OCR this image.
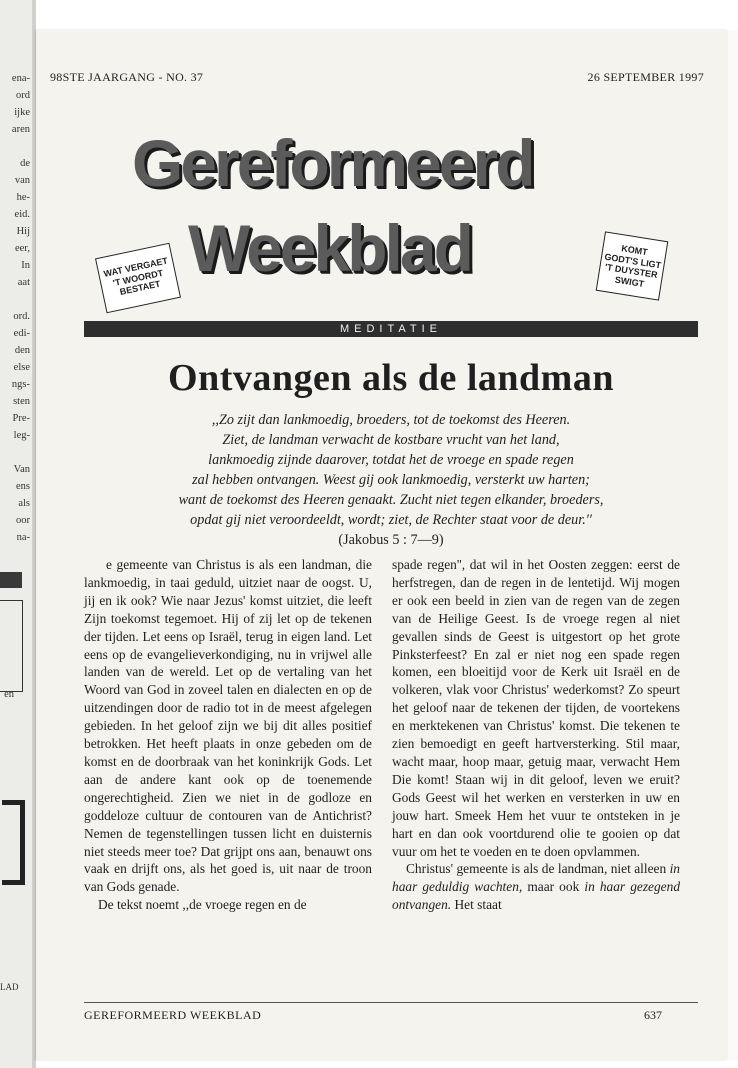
ena-
ord
ijke
aren
de
van
he-
eid.
Hij
eer,
In
aat
ord.
edi-
den
else
ngs-
sten
Pre-
leg-
Van
ens
als
oor
na-
en
LAD
98STE JAARGANG - NO. 37	26 SEPTEMBER 1997
Gereformeerd
Weekblad
WAT VERGAET 'T WOORDT BESTAET
KOMT GODT'S LIGT 'T DUYSTER SWIGT
MEDITATIE
Ontvangen als de landman
,,Zo zijt dan lankmoedig, broeders, tot de toekomst des Heeren.
Ziet, de landman verwacht de kostbare vrucht van het land,
lankmoedig zijnde daarover, totdat het de vroege en spade regen
zal hebben ontvangen. Weest gij ook lankmoedig, versterkt uw harten;
want de toekomst des Heeren genaakt. Zucht niet tegen elkander, broeders,
opdat gij niet veroordeeldt, wordt; ziet, de Rechter staat voor de deur.''
(Jakobus 5 : 7—9)

e gemeente van Christus is als een landman, die lankmoedig, in taai geduld, uitziet naar de oogst. U, jij en ik ook? Wie naar Jezus' komst uitziet, die leeft Zijn toekomst tegemoet. Hij of zij let op de tekenen der tijden. Let eens op Israël, terug in eigen land. Let eens op de evangelieverkondiging, nu in vrijwel alle landen van de wereld. Let op de vertaling van het Woord van God in zoveel talen en dialecten en op de uitzendingen door de radio tot in de meest afgelegen gebieden. In het geloof zijn we bij dit alles positief betrokken. Het heeft plaats in onze gebeden om de komst en de doorbraak van het koninkrijk Gods. Let aan de andere kant ook op de toenemende ongerechtigheid. Zien we niet in de godloze en goddeloze cultuur de contouren van de Antichrist? Nemen de tegenstellingen tussen licht en duisternis niet steeds meer toe? Dat grijpt ons aan, benauwt ons vaak en drijft ons, als het goed is, uit naar de troon van Gods genade.

De tekst noemt ,,de vroege regen en de

spade regen'', dat wil in het Oosten zeggen: eerst de herfstregen, dan de regen in de lentetijd. Wij mogen er ook een beeld in zien van de regen van de zegen van de Heilige Geest. Is de vroege regen al niet gevallen sinds de Geest is uitgestort op het grote Pinksterfeest? En zal er niet nog een spade regen komen, een bloeitijd voor de Kerk uit Israël en de volkeren, vlak voor Christus' wederkomst? Zo speurt het geloof naar de tekenen der tijden, de voortekens en merktekenen van Christus' komst. Die tekenen te zien bemoedigt en geeft hartversterking. Stil maar, wacht maar, hoop maar, getuig maar, verwacht Hem Die komt! Staan wij in dit geloof, leven we eruit? Gods Geest wil het werken en versterken in uw en jouw hart. Smeek Hem het vuur te ontsteken in je hart en dan ook voortdurend olie te gooien op dat vuur om het te voeden en te doen opvlammen.

Christus' gemeente is als de landman, niet alleen in haar geduldig wachten, maar ook in haar gezegend ontvangen. Het staat

GEREFORMEERD WEEKBLAD	637
